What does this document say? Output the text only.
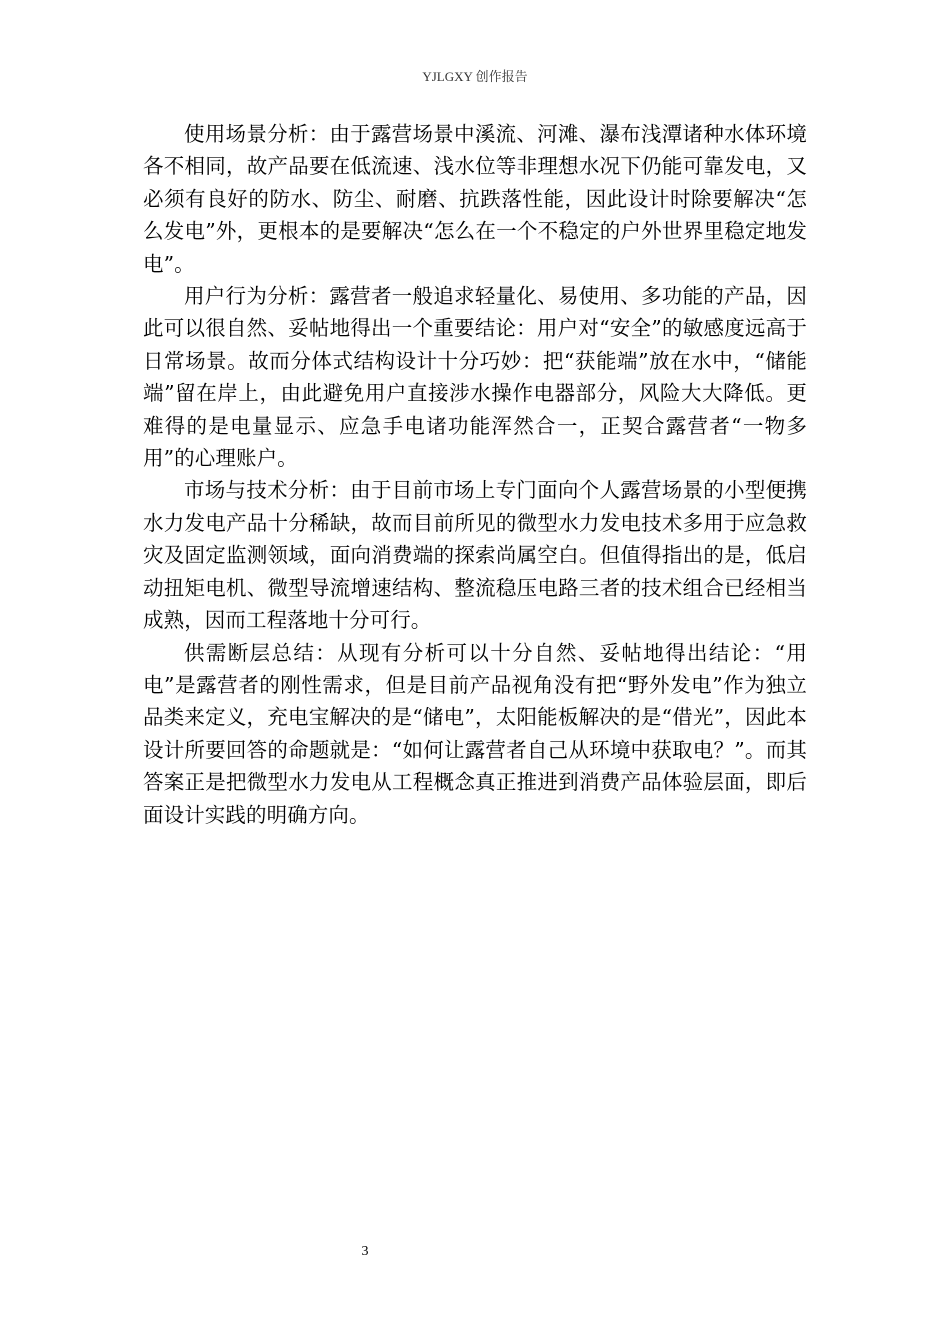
YJLGXY 创作报告

使用场景分析：由于露营场景中溪流、河滩、瀑布浅潭诸种水体环境各不相同，故产品要在低流速、浅水位等非理想水况下仍能可靠发电，又必须有良好的防水、防尘、耐磨、抗跌落性能，因此设计时除要解决“怎么发电”外，更根本的是要解决“怎么在一个不稳定的户外世界里稳定地发电”。

用户行为分析：露营者一般追求轻量化、易使用、多功能的产品，因此可以很自然、妥帖地得出一个重要结论：用户对“安全”的敏感度远高于日常场景。故而分体式结构设计十分巧妙：把“获能端”放在水中，“储能端”留在岸上，由此避免用户直接涉水操作电器部分，风险大大降低。更难得的是电量显示、应急手电诸功能浑然合一，正契合露营者“一物多用”的心理账户。

市场与技术分析：由于目前市场上专门面向个人露营场景的小型便携水力发电产品十分稀缺，故而目前所见的微型水力发电技术多用于应急救灾及固定监测领域，面向消费端的探索尚属空白。但值得指出的是，低启动扭矩电机、微型导流增速结构、整流稳压电路三者的技术组合已经相当成熟，因而工程落地十分可行。

供需断层总结：从现有分析可以十分自然、妥帖地得出结论：“用电”是露营者的刚性需求，但是目前产品视角没有把“野外发电”作为独立品类来定义，充电宝解决的是“储电”，太阳能板解决的是“借光”，因此本设计所要回答的命题就是：“如何让露营者自己从环境中获取电？”。而其答案正是把微型水力发电从工程概念真正推进到消费产品体验层面，即后面设计实践的明确方向。

3
